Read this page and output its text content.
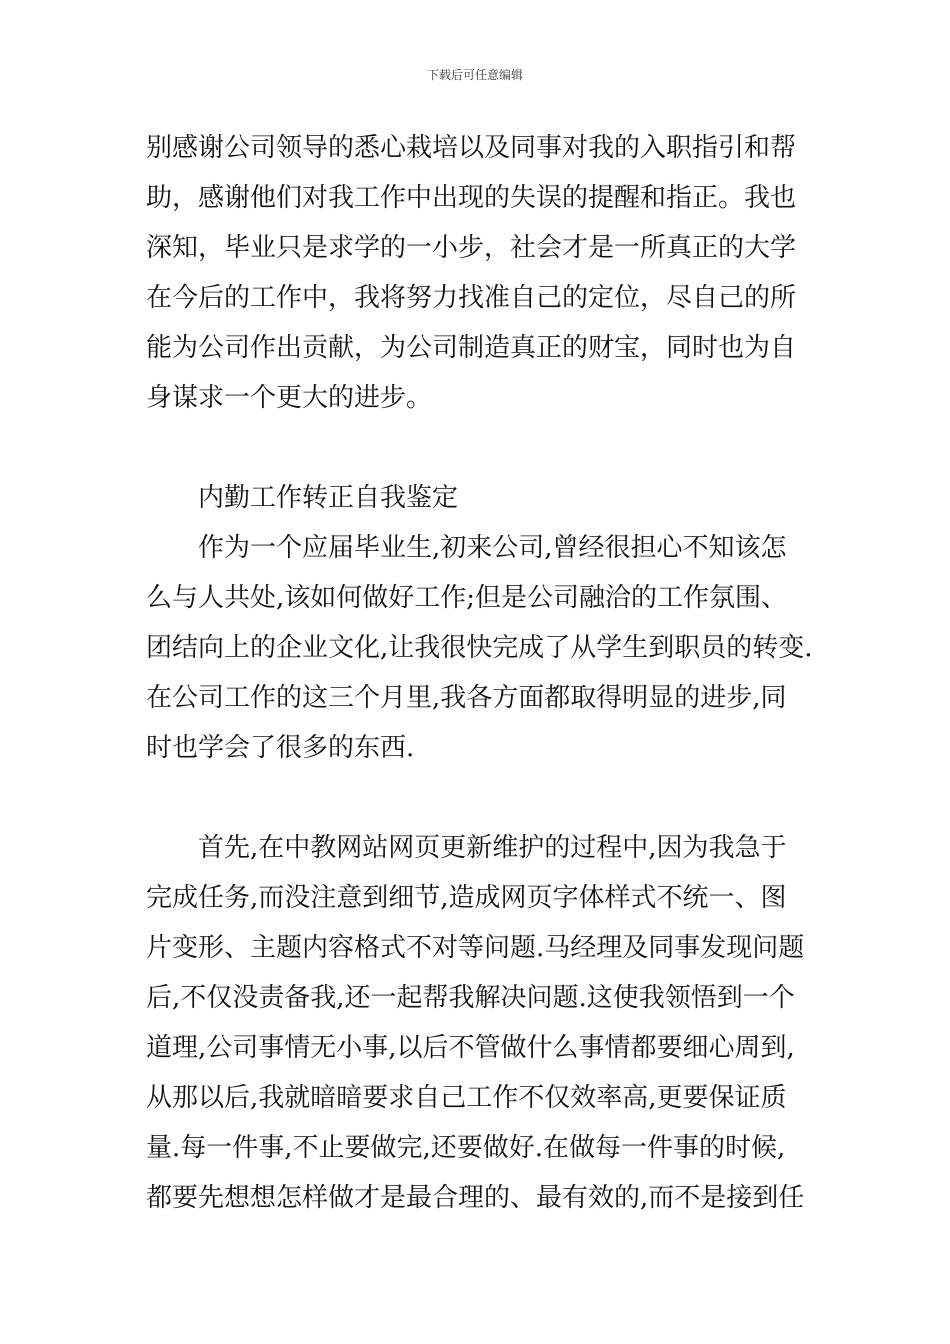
下载后可任意编辑
别感谢公司领导的悉心栽培以及同事对我的入职指引和帮
助，感谢他们对我工作中出现的失误的提醒和指正。我也
深知，毕业只是求学的一小步，社会才是一所真正的大学
在今后的工作中，我将努力找准自己的定位，尽自己的所
能为公司作出贡献，为公司制造真正的财宝，同时也为自
身谋求一个更大的进步。
内勤工作转正自我鉴定
作为一个应届毕业生,初来公司,曾经很担心不知该怎
么与人共处,该如何做好工作;但是公司融洽的工作氛围、
团结向上的企业文化,让我很快完成了从学生到职员的转变.
在公司工作的这三个月里,我各方面都取得明显的进步,同
时也学会了很多的东西.
首先,在中教网站网页更新维护的过程中,因为我急于
完成任务,而没注意到细节,造成网页字体样式不统一、图
片变形、主题内容格式不对等问题.马经理及同事发现问题
后,不仅没责备我,还一起帮我解决问题.这使我领悟到一个
道理,公司事情无小事,以后不管做什么事情都要细心周到,
从那以后,我就暗暗要求自己工作不仅效率高,更要保证质
量.每一件事,不止要做完,还要做好.在做每一件事的时候,
都要先想想怎样做才是最合理的、最有效的,而不是接到任
